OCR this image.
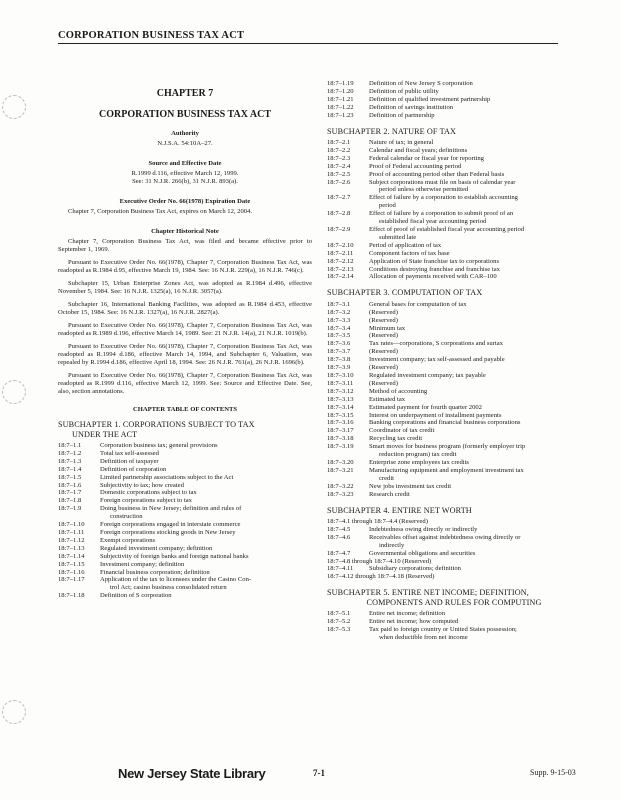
CORPORATION BUSINESS TAX ACT
CHAPTER 7
CORPORATION BUSINESS TAX ACT
Authority
N.J.S.A. 54:10A–27.
Source and Effective Date
R.1999 d.116, effective March 12, 1999.
See: 31 N.J.R. 266(b), 31 N.J.R. 893(a).
Executive Order No. 66(1978) Expiration Date
Chapter 7, Corporation Business Tax Act, expires on March 12, 2004.
Chapter Historical Note

Chapter 7, Corporation Business Tax Act, was filed and became effective prior to September 1, 1969.

Pursuant to Executive Order No. 66(1978), Chapter 7, Corporation Business Tax Act, was readopted as R.1984 d.95, effective March 19, 1984. See: 16 N.J.R. 229(a), 16 N.J.R. 746(c).

Subchapter 15, Urban Enterprise Zones Act, was adopted as R.1984 d.496, effective November 5, 1984. See: 16 N.J.R. 1325(a), 16 N.J.R. 3057(a).

Subchapter 16, International Banking Facilities, was adopted as R.1984 d.453, effective October 15, 1984. See: 16 N.J.R. 1327(a), 16 N.J.R. 2827(a).

Pursuant to Executive Order No. 66(1978), Chapter 7, Corporation Business Tax Act, was readopted as R.1989 d.196, effective March 14, 1989. See: 21 N.J.R. 14(a), 21 N.J.R. 1019(b).

Pursuant to Executive Order No. 66(1978), Chapter 7, Corporation Business Tax Act, was readopted as R.1994 d.186, effective March 14, 1994, and Subchapter 6, Valuation, was repealed by R.1994 d.186, effective April 18, 1994. See: 26 N.J.R. 761(a), 26 N.J.R. 1696(b).

Pursuant to Executive Order No. 66(1978), Chapter 7, Corporation Business Tax Act, was readopted as R.1999 d.116, effective March 12, 1999. See: Source and Effective Date. See, also, section annotations.

CHAPTER TABLE OF CONTENTS
SUBCHAPTER 1. CORPORATIONS SUBJECT TO TAX
UNDER THE ACT
18:7–1.1	Corporation business tax; general provisions
18:7–1.2	Total tax self-assessed
18:7–1.3	Definition of taxpayer
18:7–1.4	Definition of corporation
18:7–1.5	Limited partnership associations subject to the Act
18:7–1.6	Subjectivity to tax; how created
18:7–1.7	Domestic corporations subject to tax
18:7–1.8	Foreign corporations subject to tax
18:7–1.9	Doing business in New Jersey; definition and rules of
construction
18:7–1.10	Foreign corporations engaged in interstate commerce
18:7–1.11	Foreign corporations stocking goods in New Jersey
18:7–1.12	Exempt corporations
18:7–1.13	Regulated investment company; definition
18:7–1.14	Subjectivity of foreign banks and foreign national banks
18:7–1.15	Investment company; definition
18:7–1.16	Financial business corporation; definition
18:7–1.17	Application of the tax to licensees under the Casino Con-
trol Act; casino business consolidated return
18:7–1.18	Definition of S corporation
18:7–1.19	Definition of New Jersey S corporation
18:7–1.20	Definition of public utility
18:7–1.21	Definition of qualified investment partnership
18:7–1.22	Definition of savings institution
18:7–1.23	Definition of partnership
SUBCHAPTER 2. NATURE OF TAX
18:7–2.1	Nature of tax; in general
18:7–2.2	Calendar and fiscal years; definitions
18:7–2.3	Federal calendar or fiscal year for reporting
18:7–2.4	Proof of Federal accounting period
18:7–2.5	Proof of accounting period other than Federal basis
18:7–2.6	Subject corporations must file on basis of calendar year
period unless otherwise permitted
18:7–2.7	Effect of failure by a corporation to establish accounting
period
18:7–2.8	Effect of failure by a corporation to submit proof of an
established fiscal year accounting period
18:7–2.9	Effect of proof of established fiscal year accounting period
submitted late
18:7–2.10	Period of application of tax
18:7–2.11	Component factors of tax base
18:7–2.12	Application of State franchise tax to corporations
18:7–2.13	Conditions destroying franchise and franchise tax
18:7–2.14	Allocation of payments received with CAR–100
SUBCHAPTER 3. COMPUTATION OF TAX
18:7–3.1	General bases for computation of tax
18:7–3.2	(Reserved)
18:7–3.3	(Reserved)
18:7–3.4	Minimum tax
18:7–3.5	(Reserved)
18:7–3.6	Tax rates—corporations, S corporations and surtax
18:7–3.7	(Reserved)
18:7–3.8	Investment company; tax self-assessed and payable
18:7–3.9	(Reserved)
18:7–3.10	Regulated investment company; tax payable
18:7–3.11	(Reserved)
18:7–3.12	Method of accounting
18:7–3.13	Estimated tax
18:7–3.14	Estimated payment for fourth quarter 2002
18:7–3.15	Interest on underpayment of installment payments
18:7–3.16	Banking corporations and financial business corporations
18:7–3.17	Coordinator of tax credit
18:7–3.18	Recycling tax credit
18:7–3.19	Smart moves for business program (formerly employer trip
reduction program) tax credit
18:7–3.20	Enterprise zone employees tax credits
18:7–3.21	Manufacturing equipment and employment investment tax
credit
18:7–3.22	New jobs investment tax credit
18:7–3.23	Research credit
SUBCHAPTER 4. ENTIRE NET WORTH
18:7–4.1 through 18:7–4.4 (Reserved)
18:7–4.5	Indebtedness owing directly or indirectly
18:7–4.6	Receivables offset against indebtedness owing directly or
indirectly
18:7–4.7	Governmental obligations and securities
18:7–4.8 through 18:7–4.10 (Reserved)
18:7–4.11	Subsidiary corporations; definition
18:7–4.12 through 18:7–4.18 (Reserved)
SUBCHAPTER 5. ENTIRE NET INCOME; DEFINITION,
COMPONENTS AND RULES FOR COMPUTING
18:7–5.1	Entire net income; definition
18:7–5.2	Entire net income; how computed
18:7–5.3	Tax paid to foreign country or United States possession;
when deductible from net income
New Jersey State Library	7-1	Supp. 9-15-03
